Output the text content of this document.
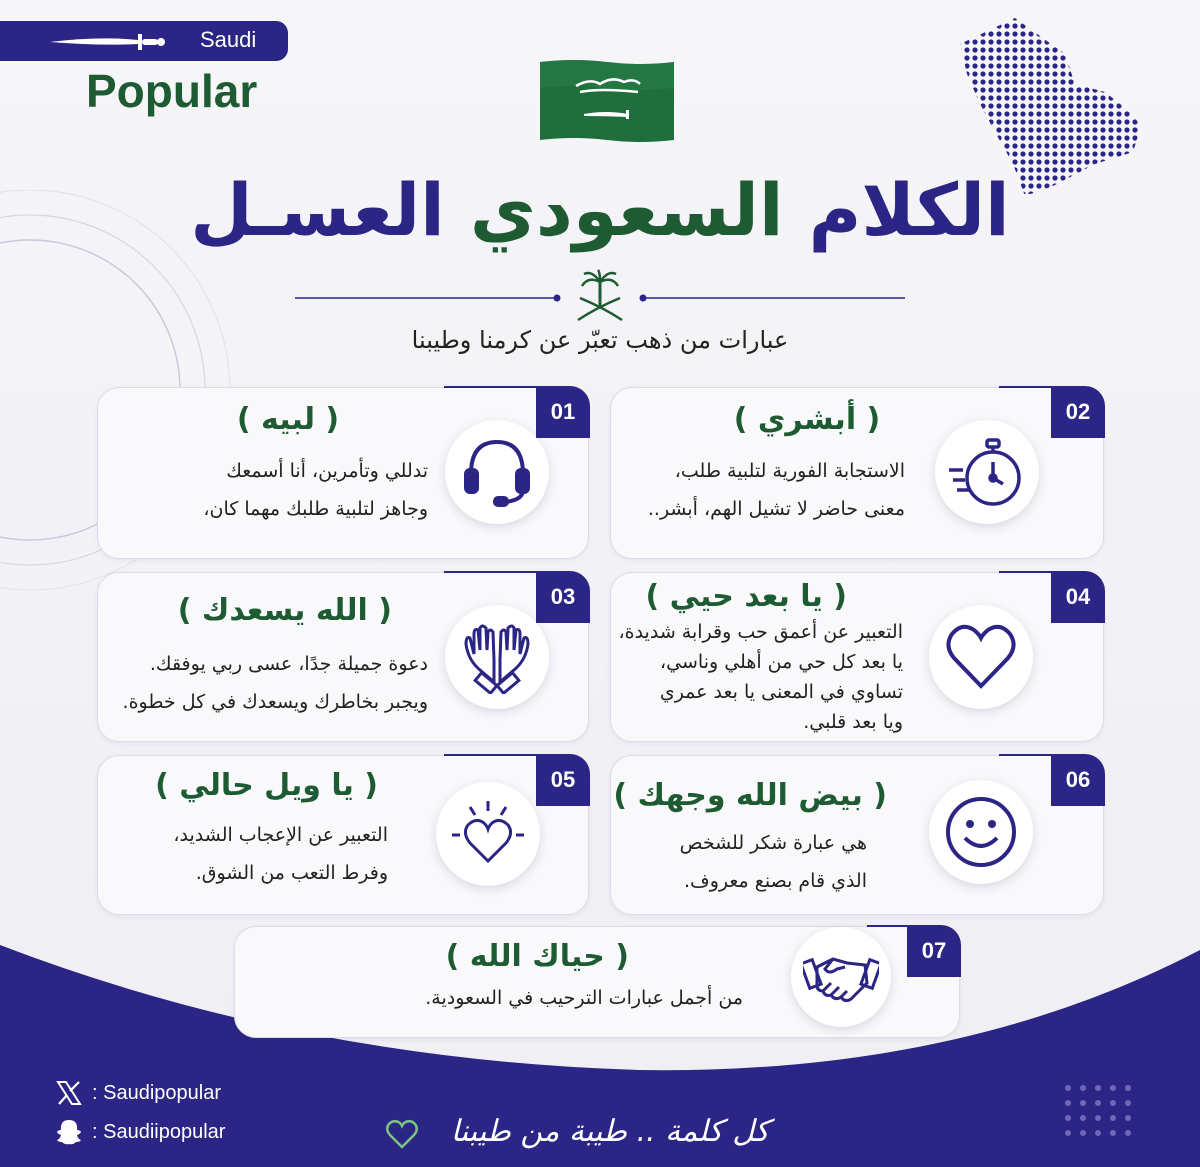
Saudi
Popular
الكلام السعودي العسـل
عبارات من ذهب تعبّر عن كرمنا وطيبنا
01
( لبيه )
تدللي وتأمرين، أنا أسمعك
وجاهز لتلبية طلبك مهما كان،
02
( أبشري )
الاستجابة الفورية لتلبية طلب،
معنى حاضر لا تشيل الهم، أبشر..
03
( الله يسعدك )
دعوة جميلة جدًا، عسى ربي يوفقك.
ويجبر بخاطرك ويسعدك في كل خطوة.
04
( يا بعد حيي )
التعبير عن أعمق حب وقرابة شديدة،
يا بعد كل حي من أهلي وناسي،
تساوي في المعنى يا بعد عمري
ويا بعد قلبي.
05
( يا ويل حالي )
التعبير عن الإعجاب الشديد،
وفرط التعب من الشوق.
06
( بيض الله وجهك )
هي عبارة شكر للشخص
الذي قام بصنع معروف.
07
( حياك الله )
من أجمل عبارات الترحيب في السعودية.
: Saudipopular
: Saudiipopular	كل كلمة .. طيبة من طيبنا
